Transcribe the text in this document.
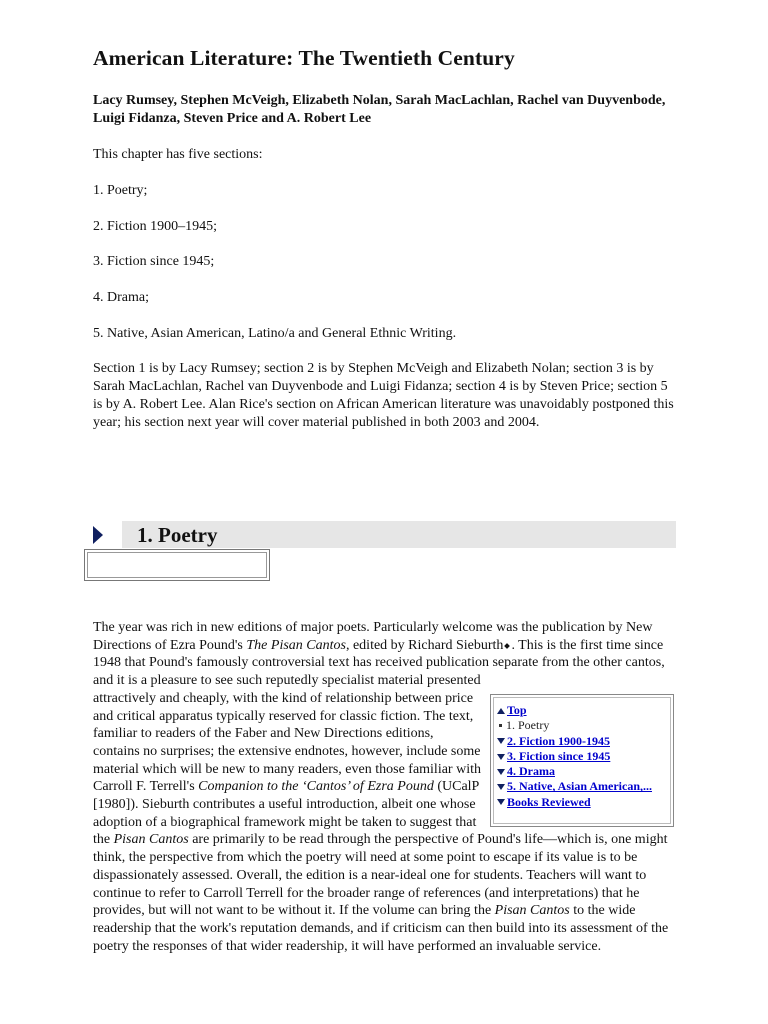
American Literature: The Twentieth Century

Lacy Rumsey, Stephen McVeigh, Elizabeth Nolan, Sarah MacLachlan, Rachel van Duyvenbode, Luigi Fidanza, Steven Price and A. Robert Lee

This chapter has five sections:

1. Poetry;

2. Fiction 1900–1945;

3. Fiction since 1945;

4. Drama;

5. Native, Asian American, Latino/a and General Ethnic Writing.

Section 1 is by Lacy Rumsey; section 2 is by Stephen McVeigh and Elizabeth Nolan; section 3 is by Sarah MacLachlan, Rachel van Duyvenbode and Luigi Fidanza; section 4 is by Steven Price; section 5 is by A. Robert Lee. Alan Rice's section on African American literature was unavoidably postponed this year; his section next year will cover material published in both 2003 and 2004.

1. Poetry

The year was rich in new editions of major poets. Particularly welcome was the publication by New Directions of Ezra Pound's The Pisan Cantos, edited by Richard Sieburth . This is the first time since 1948 that Pound's famously controversial text has received publication separate from the other cantos, and it is a pleasure to see such reputedly specialist material presented attractively and cheaply, with the kind of relationship between price and critical apparatus typically reserved for classic fiction. The text, familiar to readers of the Faber and New Directions editions, contains no surprises; the extensive endnotes, however, include some material which will be new to many readers, even those familiar with Carroll F. Terrell's Companion to the ‘Cantos’ of Ezra Pound (UCalP [1980]). Sieburth contributes a useful introduction, albeit one whose adoption of a biographical framework might be taken to suggest that the Pisan Cantos are primarily to be read through the perspective of Pound's life—which is, one might think, the perspective from which the poetry will need at some point to escape if its value is to be dispassionately assessed. Overall, the edition is a near-ideal one for students. Teachers will want to continue to refer to Carroll Terrell for the broader range of references (and interpretations) that he provides, but will not want to be without it. If the volume can bring the Pisan Cantos to the wide readership that the work's reputation demands, and if criticism can then build into its assessment of the poetry the responses of that wider readership, it will have performed an invaluable service.

Top
1. Poetry
2. Fiction 1900-1945
3. Fiction since 1945
4. Drama
5. Native, Asian American,...
Books Reviewed
